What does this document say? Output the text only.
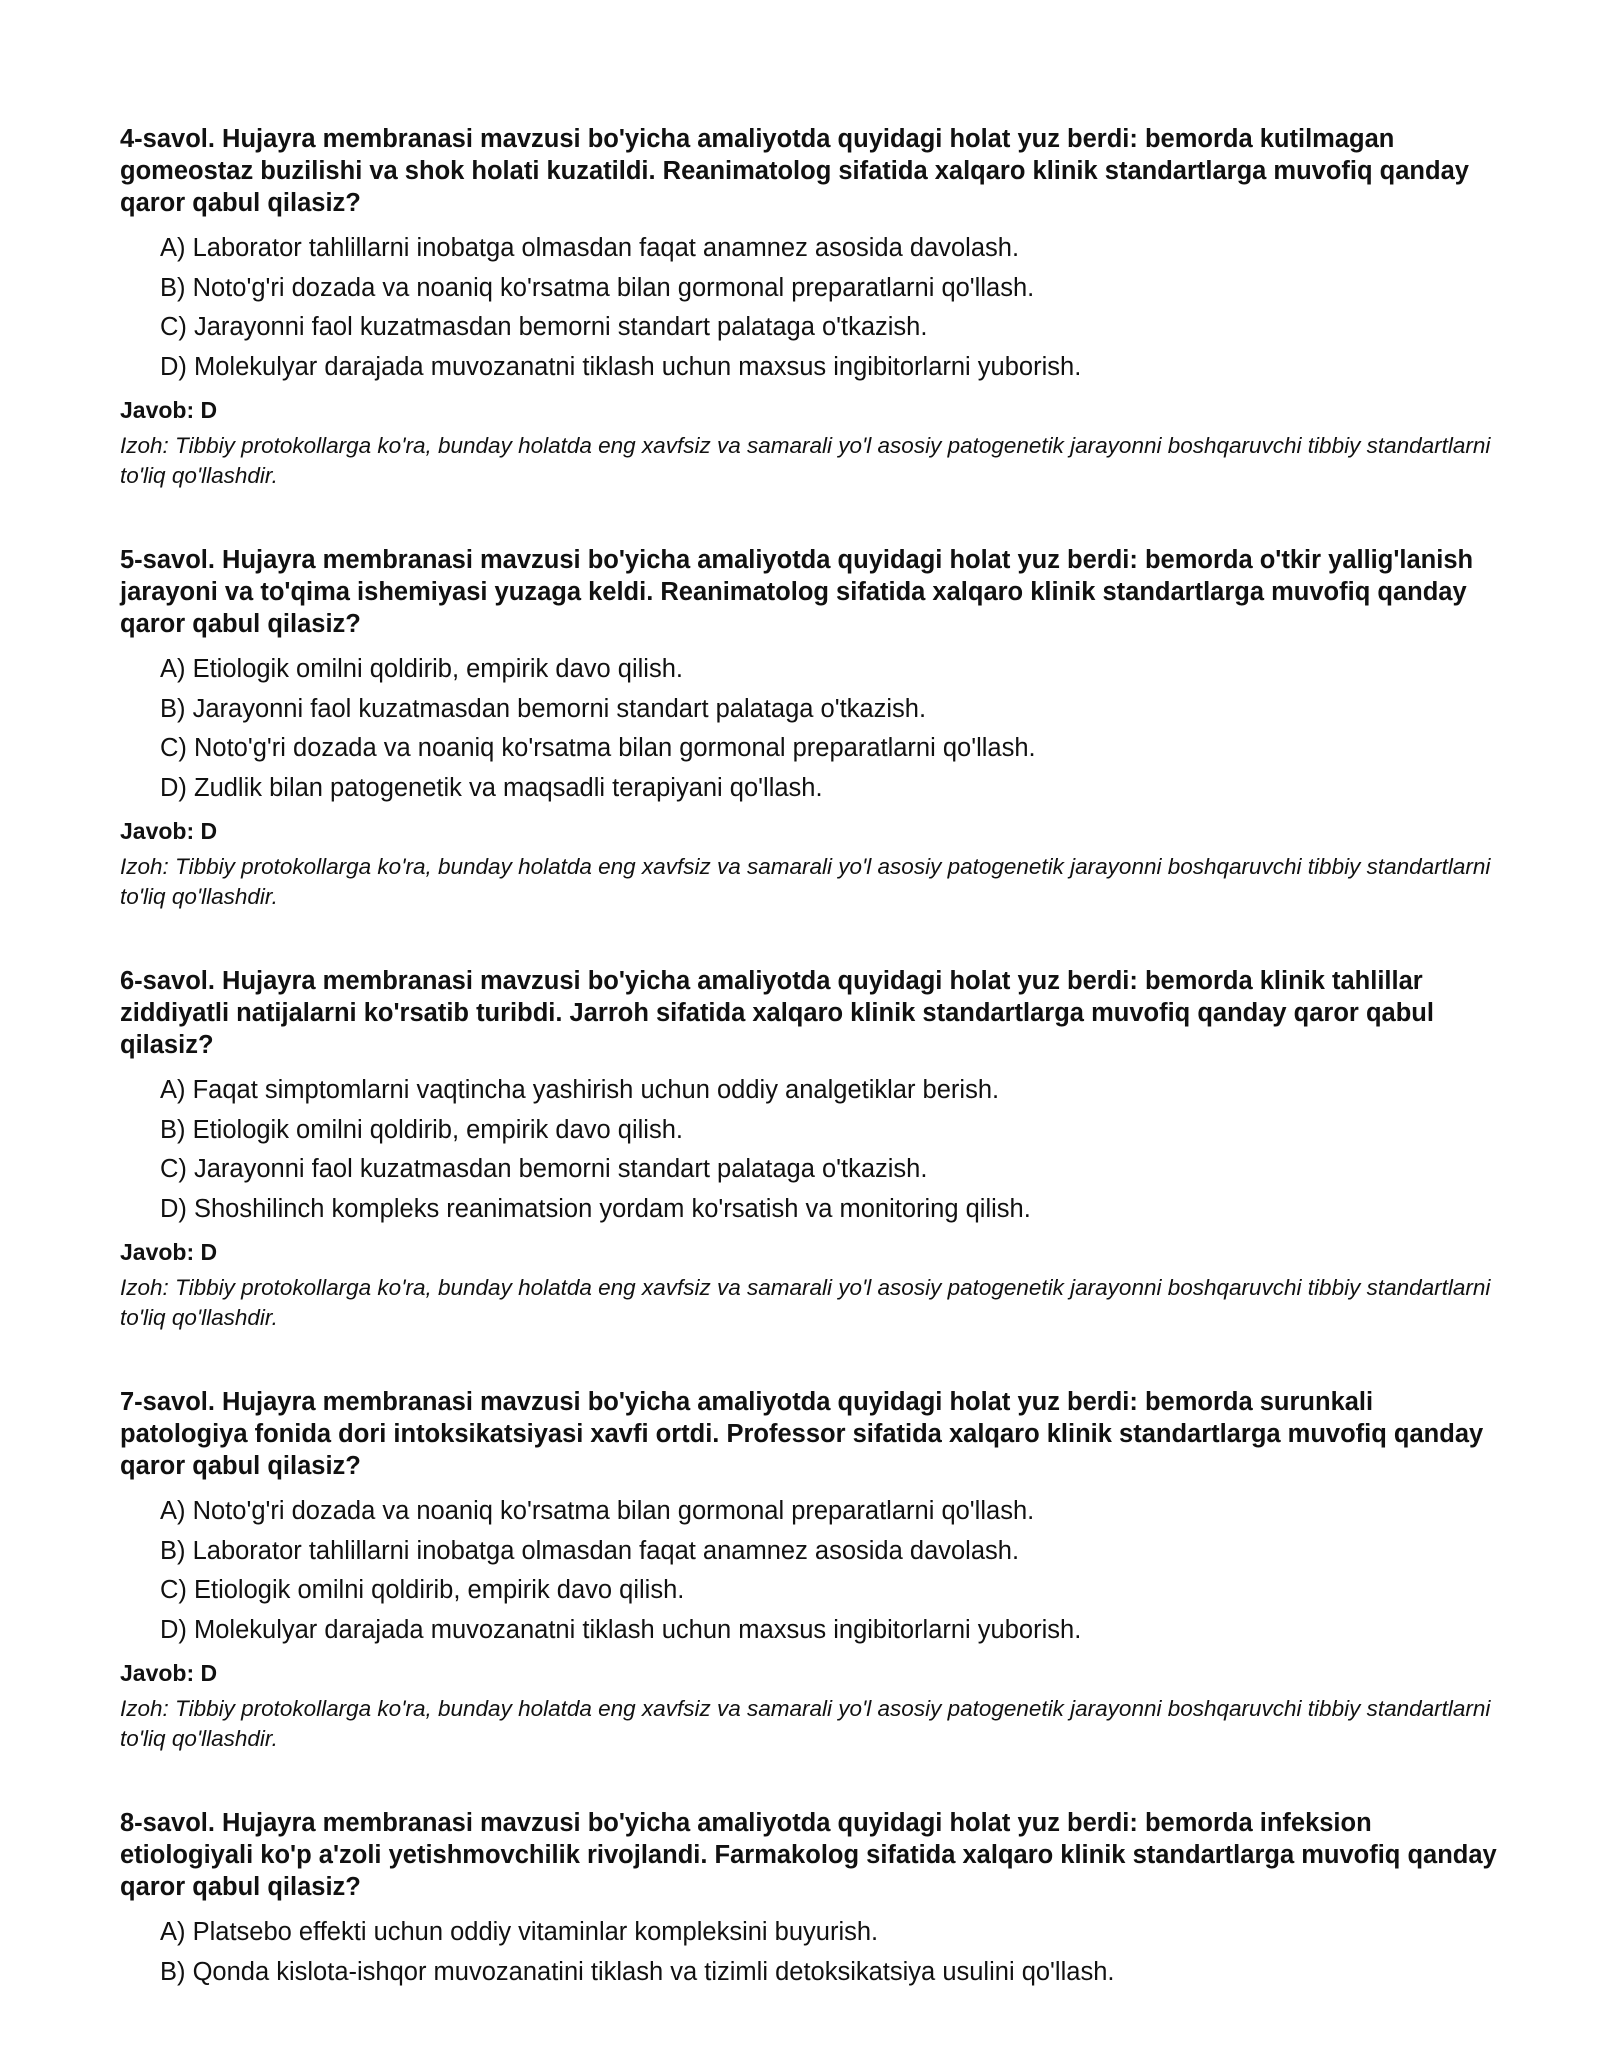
4-savol. Hujayra membranasi mavzusi bo'yicha amaliyotda quyidagi holat yuz berdi: bemorda kutilmagan gomeostaz buzilishi va shok holati kuzatildi. Reanimatolog sifatida xalqaro klinik standartlarga muvofiq qanday qaror qabul qilasiz?

A) Laborator tahlillarni inobatga olmasdan faqat anamnez asosida davolash.
B) Noto'g'ri dozada va noaniq ko'rsatma bilan gormonal preparatlarni qo'llash.
C) Jarayonni faol kuzatmasdan bemorni standart palataga o'tkazish.
D) Molekulyar darajada muvozanatni tiklash uchun maxsus ingibitorlarni yuborish.

Javob: D

Izoh: Tibbiy protokollarga ko'ra, bunday holatda eng xavfsiz va samarali yo'l asosiy patogenetik jarayonni boshqaruvchi tibbiy standartlarni to'liq qo'llashdir.

5-savol. Hujayra membranasi mavzusi bo'yicha amaliyotda quyidagi holat yuz berdi: bemorda o'tkir yallig'lanish jarayoni va to'qima ishemiyasi yuzaga keldi. Reanimatolog sifatida xalqaro klinik standartlarga muvofiq qanday qaror qabul qilasiz?

A) Etiologik omilni qoldirib, empirik davo qilish.
B) Jarayonni faol kuzatmasdan bemorni standart palataga o'tkazish.
C) Noto'g'ri dozada va noaniq ko'rsatma bilan gormonal preparatlarni qo'llash.
D) Zudlik bilan patogenetik va maqsadli terapiyani qo'llash.

Javob: D

Izoh: Tibbiy protokollarga ko'ra, bunday holatda eng xavfsiz va samarali yo'l asosiy patogenetik jarayonni boshqaruvchi tibbiy standartlarni to'liq qo'llashdir.

6-savol. Hujayra membranasi mavzusi bo'yicha amaliyotda quyidagi holat yuz berdi: bemorda klinik tahlillar ziddiyatli natijalarni ko'rsatib turibdi. Jarroh sifatida xalqaro klinik standartlarga muvofiq qanday qaror qabul qilasiz?

A) Faqat simptomlarni vaqtincha yashirish uchun oddiy analgetiklar berish.
B) Etiologik omilni qoldirib, empirik davo qilish.
C) Jarayonni faol kuzatmasdan bemorni standart palataga o'tkazish.
D) Shoshilinch kompleks reanimatsion yordam ko'rsatish va monitoring qilish.

Javob: D

Izoh: Tibbiy protokollarga ko'ra, bunday holatda eng xavfsiz va samarali yo'l asosiy patogenetik jarayonni boshqaruvchi tibbiy standartlarni to'liq qo'llashdir.

7-savol. Hujayra membranasi mavzusi bo'yicha amaliyotda quyidagi holat yuz berdi: bemorda surunkali patologiya fonida dori intoksikatsiyasi xavfi ortdi. Professor sifatida xalqaro klinik standartlarga muvofiq qanday qaror qabul qilasiz?

A) Noto'g'ri dozada va noaniq ko'rsatma bilan gormonal preparatlarni qo'llash.
B) Laborator tahlillarni inobatga olmasdan faqat anamnez asosida davolash.
C) Etiologik omilni qoldirib, empirik davo qilish.
D) Molekulyar darajada muvozanatni tiklash uchun maxsus ingibitorlarni yuborish.

Javob: D

Izoh: Tibbiy protokollarga ko'ra, bunday holatda eng xavfsiz va samarali yo'l asosiy patogenetik jarayonni boshqaruvchi tibbiy standartlarni to'liq qo'llashdir.

8-savol. Hujayra membranasi mavzusi bo'yicha amaliyotda quyidagi holat yuz berdi: bemorda infeksion etiologiyali ko'p a'zoli yetishmovchilik rivojlandi. Farmakolog sifatida xalqaro klinik standartlarga muvofiq qanday qaror qabul qilasiz?

A) Platsebo effekti uchun oddiy vitaminlar kompleksini buyurish.
B) Qonda kislota-ishqor muvozanatini tiklash va tizimli detoksikatsiya usulini qo'llash.
